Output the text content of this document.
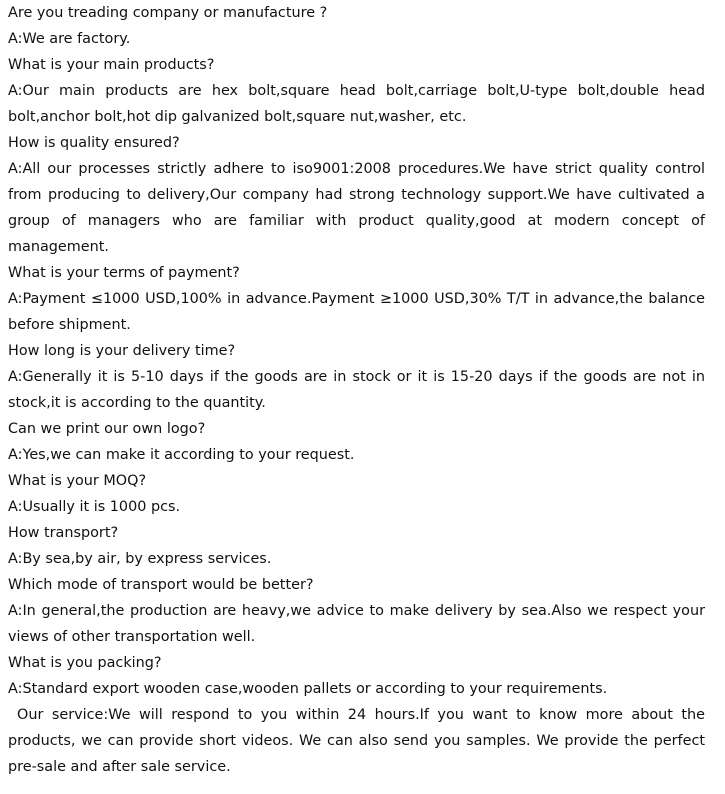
Are you treading company or manufacture ?

A:We are factory.

What is your main products?

A:Our main products are hex bolt,square head bolt,carriage bolt,U-type bolt,double head bolt,anchor bolt,hot dip galvanized bolt,square nut,washer, etc.

How is quality ensured?

A:All our processes strictly adhere to iso9001:2008 procedures.We have strict quality control from producing to delivery,Our company had strong technology support.We have cultivated a group of managers who are familiar with product quality,good at modern concept of management.

What is your terms of payment?

A:Payment ≤1000 USD,100% in advance.Payment ≥1000 USD,30% T/T in advance,the balance before shipment.

How long is your delivery time?

A:Generally it is 5-10 days if the goods are in stock or it is 15-20 days if the goods are not in stock,it is according to the quantity.

Can we print our own logo?

A:Yes,we can make it according to your request.

What is your MOQ?

A:Usually it is 1000 pcs.

How transport?

A:By sea,by air, by express services.

Which mode of transport would be better?

A:In general,the production are heavy,we advice to make delivery by sea.Also we respect your views of other transportation well.

What is you packing?

A:Standard export wooden case,wooden pallets or according to your requirements.

Our service:We will respond to you within 24 hours.If you want to know more about the products, we can provide short videos. We can also send you samples. We provide the perfect pre-sale and after sale service.
